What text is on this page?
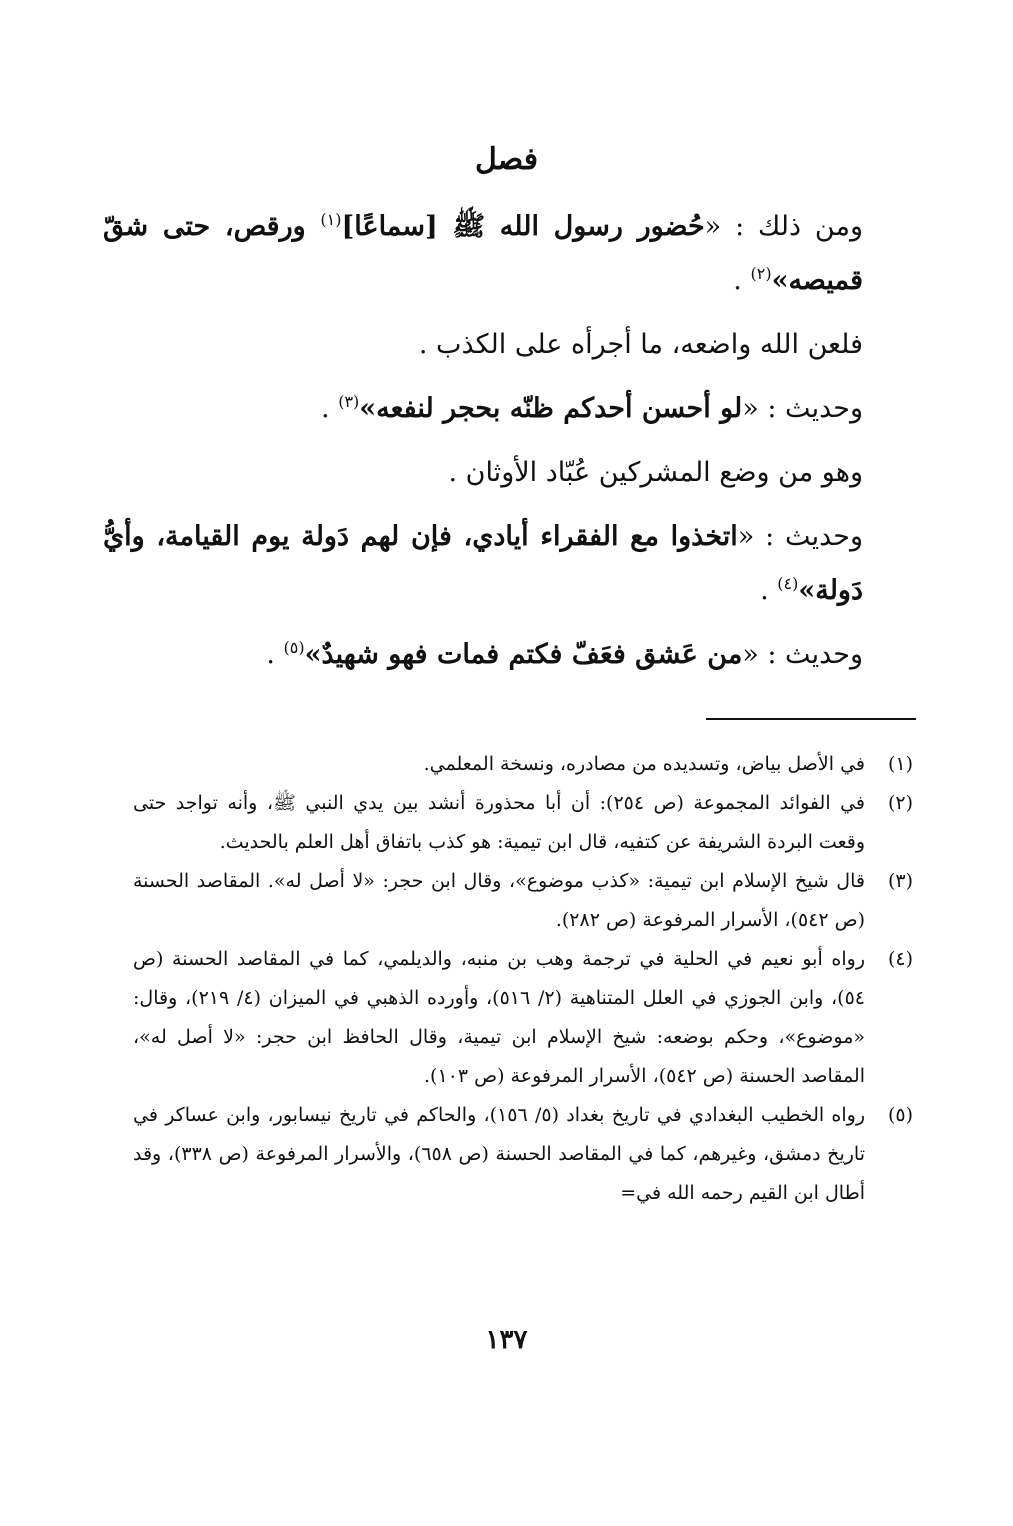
فصل

ومن ذلك : «حُضور رسول الله ﷺ [سماعًا]$^{(١)}$ ورقص، حتى شقّ قميصه»$^{(٢)}$ .

فلعن الله واضعه، ما أجرأه على الكذب .

وحديث : «لو أحسن أحدكم ظنّه بحجر لنفعه»$^{(٣)}$ .

وهو من وضع المشركين عُبّاد الأوثان .

وحديث : «اتخذوا مع الفقراء أيادي، فإن لهم دَولة يوم القيامة، وأيُّ دَولة»$^{(٤)}$ .

وحديث : «من عَشق فعَفّ فكتم فمات فهو شهيدٌ»$^{(٥)}$ .

(١)
في الأصل بياض، وتسديده من مصادره، ونسخة المعلمي.
(٢)
في الفوائد المجموعة (ص ٢٥٤): أن أبا محذورة أنشد بين يدي النبي ﷺ، وأنه تواجد حتى وقعت البردة الشريفة عن كتفيه، قال ابن تيمية: هو كذب باتفاق أهل العلم بالحديث.
(٣)
قال شيخ الإسلام ابن تيمية: «كذب موضوع»، وقال ابن حجر: «لا أصل له». المقاصد الحسنة (ص ٥٤٢)، الأسرار المرفوعة (ص ٢٨٢).
(٤)
رواه أبو نعيم في الحلية في ترجمة وهب بن منبه، والديلمي، كما في المقاصد الحسنة (ص ٥٤)، وابن الجوزي في العلل المتناهية (٢/ ٥١٦)، وأورده الذهبي في الميزان (٤/ ٢١٩)، وقال: «موضوع»، وحكم بوضعه: شيخ الإسلام ابن تيمية، وقال الحافظ ابن حجر: «لا أصل له»، المقاصد الحسنة (ص ٥٤٢)، الأسرار المرفوعة (ص ١٠٣).
(٥)
رواه الخطيب البغدادي في تاريخ بغداد (٥/ ١٥٦)، والحاكم في تاريخ نيسابور، وابن عساكر في تاريخ دمشق، وغيرهم، كما في المقاصد الحسنة (ص ٦٥٨)، والأسرار المرفوعة (ص ٣٣٨)، وقد أطال ابن القيم رحمه الله في=
١٣٧
